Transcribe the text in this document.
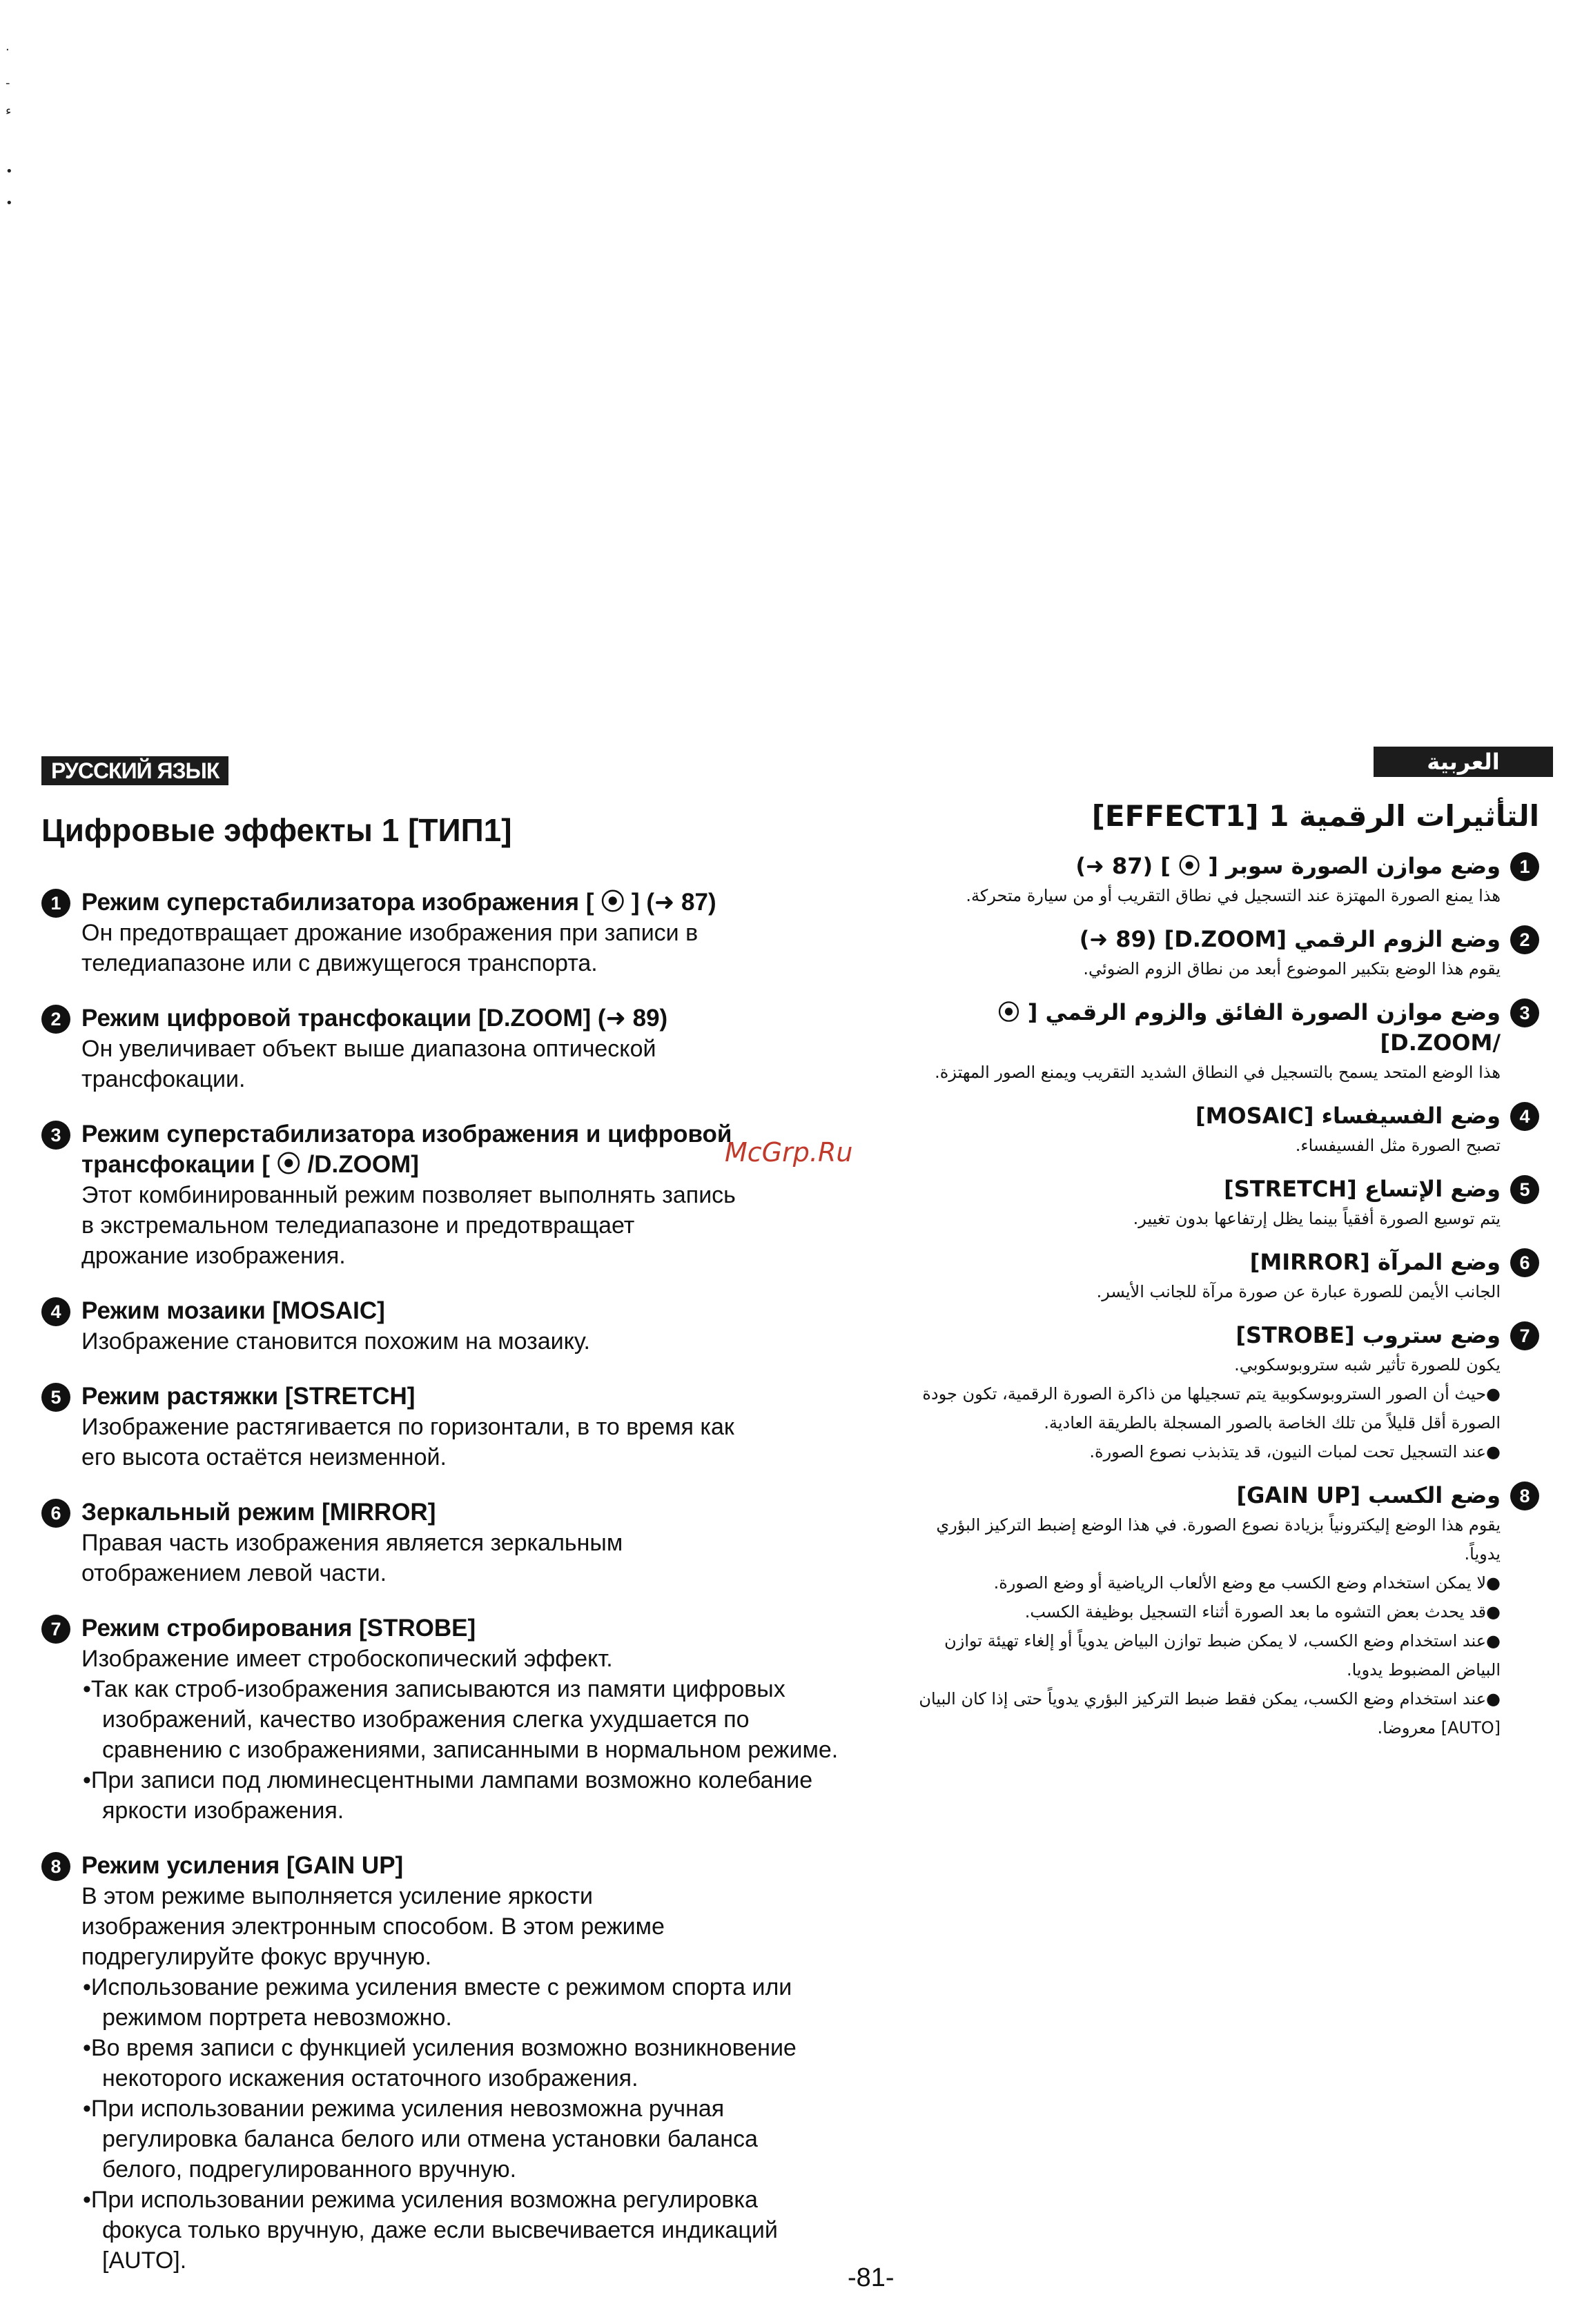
·
-
ء
•
•
РУССКИЙ ЯЗЫК	العربية
Цифровые эффекты 1 [ТИП1]
1 Режим суперстабилизатора изображения [ ⦿ ] (➜ 87)
Он предотвращает дрожание изображения при записи в
теледиапазоне или с движущегося транспорта.
2 Режим цифровой трансфокации [D.ZOOM] (➜ 89)
Он увеличивает объект выше диапазона оптической
трансфокации.
3 Режим суперстабилизатора изображения и цифровой трансфокации [ ⦿ /D.ZOOM]
Этот комбинированный режим позволяет выполнять запись
в экстремальном теледиапазоне и предотвращает
дрожание изображения.
4 Режим мозаики [MOSAIC]
Изображение становится похожим на мозаику.
5 Режим растяжки [STRETCH]
Изображение растягивается по горизонтали, в то время как
его высота остаётся неизменной.
6 Зеркальный режим [MIRROR]
Правая часть изображения является зеркальным
отображением левой части.
7 Режим стробирования [STROBE]
Изображение имеет стробоскопический эффект.
•Так как строб-изображения записываются из памяти цифровых изображений, качество изображения слегка ухудшается по сравнению с изображениями, записанными в нормальном режиме.
•При записи под люминесцентными лампами возможно колебание яркости изображения.
8 Режим усиления [GAIN UP]
В этом режиме выполняется усиление яркости
изображения электронным способом. В этом режиме
подрегулируйте фокус вручную.
•Использование режима усиления вместе с режимом спорта или режимом портрета невозможно.
•Во время записи с функцией усиления возможно возникновение некоторого искажения остаточного изображения.
•При использовании режима усиления невозможна ручная регулировка баланса белого или отмена установки баланса белого, подрегулированного вручную.
•При использовании режима усиления возможна регулировка фокуса только вручную, даже если высвечивается индикаций [AUTO].
التأثيرات الرقمية 1 [EFFECT1]
1
وضع موازن الصورة سوبر [ ⦿ ] (87 ➜)
هذا يمنع الصورة المهتزة عند التسجيل في نطاق التقريب أو من سيارة متحركة.
2
وضع الزوم الرقمي [D.ZOOM] (89 ➜)
يقوم هذا الوضع بتكبير الموضوع أبعد من نطاق الزوم الضوئي.
3
وضع موازن الصورة الفائق والزوم الرقمي [ ⦿ /D.ZOOM]
هذا الوضع المتحد يسمح بالتسجيل في النطاق الشديد التقريب ويمنع الصور المهتزة.
4
وضع الفسيفساء [MOSAIC]
تصبح الصورة مثل الفسيفساء.
5
وضع الإتساع [STRETCH]
يتم توسيع الصورة أفقياً بينما يظل إرتفاعها بدون تغيير.
6
وضع المرآة [MIRROR]
الجانب الأيمن للصورة عبارة عن صورة مرآة للجانب الأيسر.
7
وضع ستروب [STROBE]
يكون للصورة تأثير شبه ستروبوسكوبي.
●حيث أن الصور الستروبوسكوبية يتم تسجيلها من ذاكرة الصورة الرقمية، تكون جودة الصورة أقل قليلاً من تلك الخاصة بالصور المسجلة بالطريقة العادية.
●عند التسجيل تحت لمبات النيون، قد يتذبذب نصوع الصورة.
8
وضع الكسب [GAIN UP]
يقوم هذا الوضع إليكترونياً بزيادة نصوع الصورة. في هذا الوضع إضبط التركيز البؤري يدوياً.
●لا يمكن استخدام وضع الكسب مع وضع الألعاب الرياضية أو وضع الصورة.
●قد يحدث بعض التشوه ما بعد الصورة أثناء التسجيل بوظيفة الكسب.
●عند استخدام وضع الكسب، لا يمكن ضبط توازن البياض يدوياً أو إلغاء تهيئة توازن البياض المضبوط يدويا.
●عند استخدام وضع الكسب، يمكن فقط ضبط التركيز البؤري يدوياً حتى إذا كان البيان [AUTO] معروضا.
McGrp.Ru
-81-
